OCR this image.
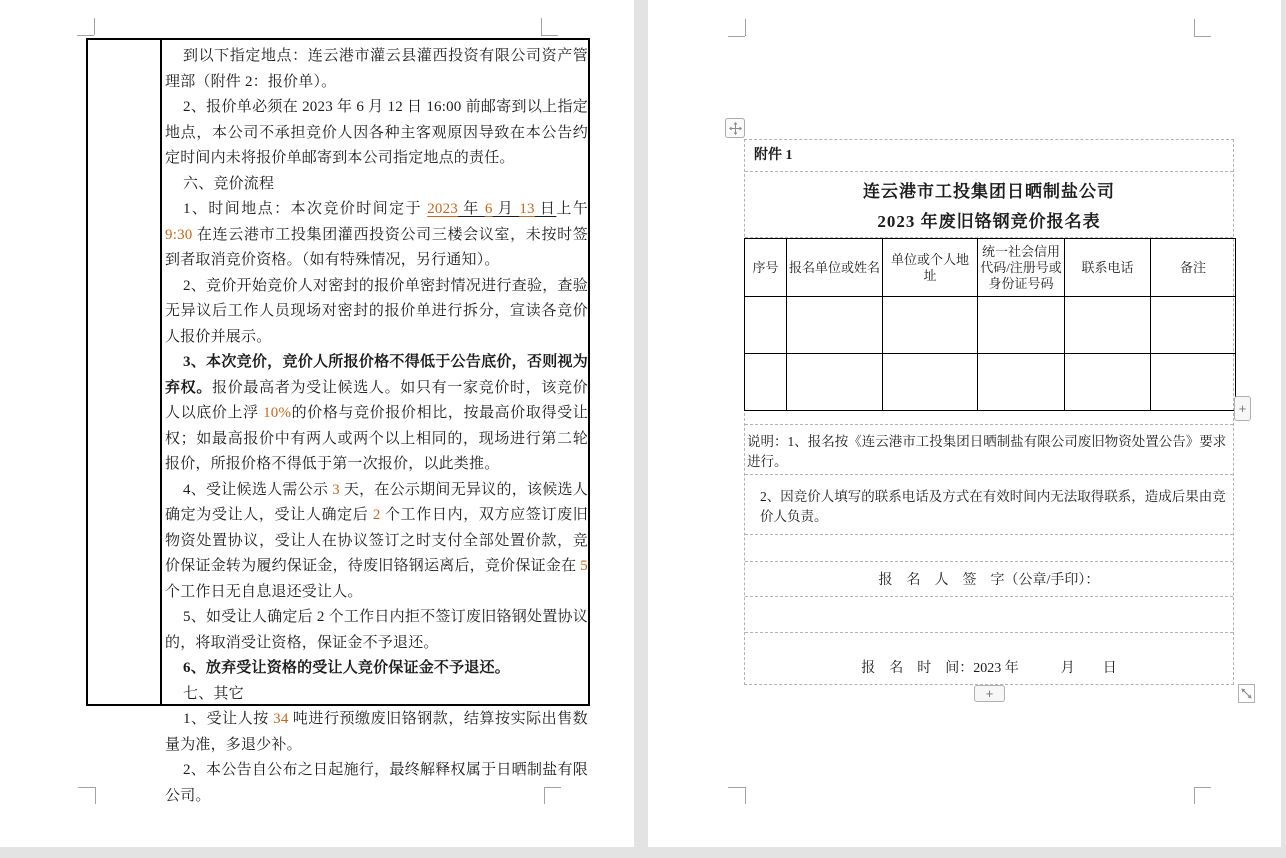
到以下指定地点：连云港市灌云县灌西投资有限公司资产管理部（附件 2：报价单）。

2、报价单必须在 2023 年 6 月 12 日 16:00 前邮寄到以上指定地点，本公司不承担竞价人因各种主客观原因导致在本公告约定时间内未将报价单邮寄到本公司指定地点的责任。

六、竞价流程

1、时间地点：本次竞价时间定于 2023 年 6 月 13 日上午 9:30 在连云港市工投集团灌西投资公司三楼会议室，未按时签到者取消竞价资格。（如有特殊情况，另行通知）。

2、竞价开始竞价人对密封的报价单密封情况进行查验，查验无异议后工作人员现场对密封的报价单进行拆分，宣读各竞价人报价并展示。

3、本次竞价，竞价人所报价格不得低于公告底价，否则视为弃权。报价最高者为受让候选人。如只有一家竞价时，该竞价人以底价上浮 10%的价格与竞价报价相比，按最高价取得受让权；如最高报价中有两人或两个以上相同的，现场进行第二轮报价，所报价格不得低于第一次报价，以此类推。

4、受让候选人需公示 3 天，在公示期间无异议的，该候选人确定为受让人，受让人确定后 2 个工作日内，双方应签订废旧物资处置协议，受让人在协议签订之时支付全部处置价款，竞价保证金转为履约保证金，待废旧铬钢运离后，竞价保证金在 5 个工作日无自息退还受让人。

5、如受让人确定后 2 个工作日内拒不签订废旧铬钢处置协议的，将取消受让资格，保证金不予退还。

6、放弃受让资格的受让人竞价保证金不予退还。

七、其它

1、受让人按 34 吨进行预缴废旧铬钢款，结算按实际出售数量为准，多退少补。

2、本公告自公布之日起施行，最终解释权属于日晒制盐有限公司。

附件 1
连云港市工投集团日晒制盐公司
2023 年废旧铬钢竞价报名表
序号	报名单位或姓名	单位或个人地址	统一社会信用代码/注册号或身份证号码	联系电话	备注

说明：1、报名按《连云港市工投集团日晒制盐有限公司废旧物资处置公告》要求进行。
2、因竞价人填写的联系电话及方式在有效时间内无法取得联系，造成后果由竞价人负责。
报　名　人　签　字（公章/手印）：
报　名　时　间：2023 年　　　月　　日
+
+
